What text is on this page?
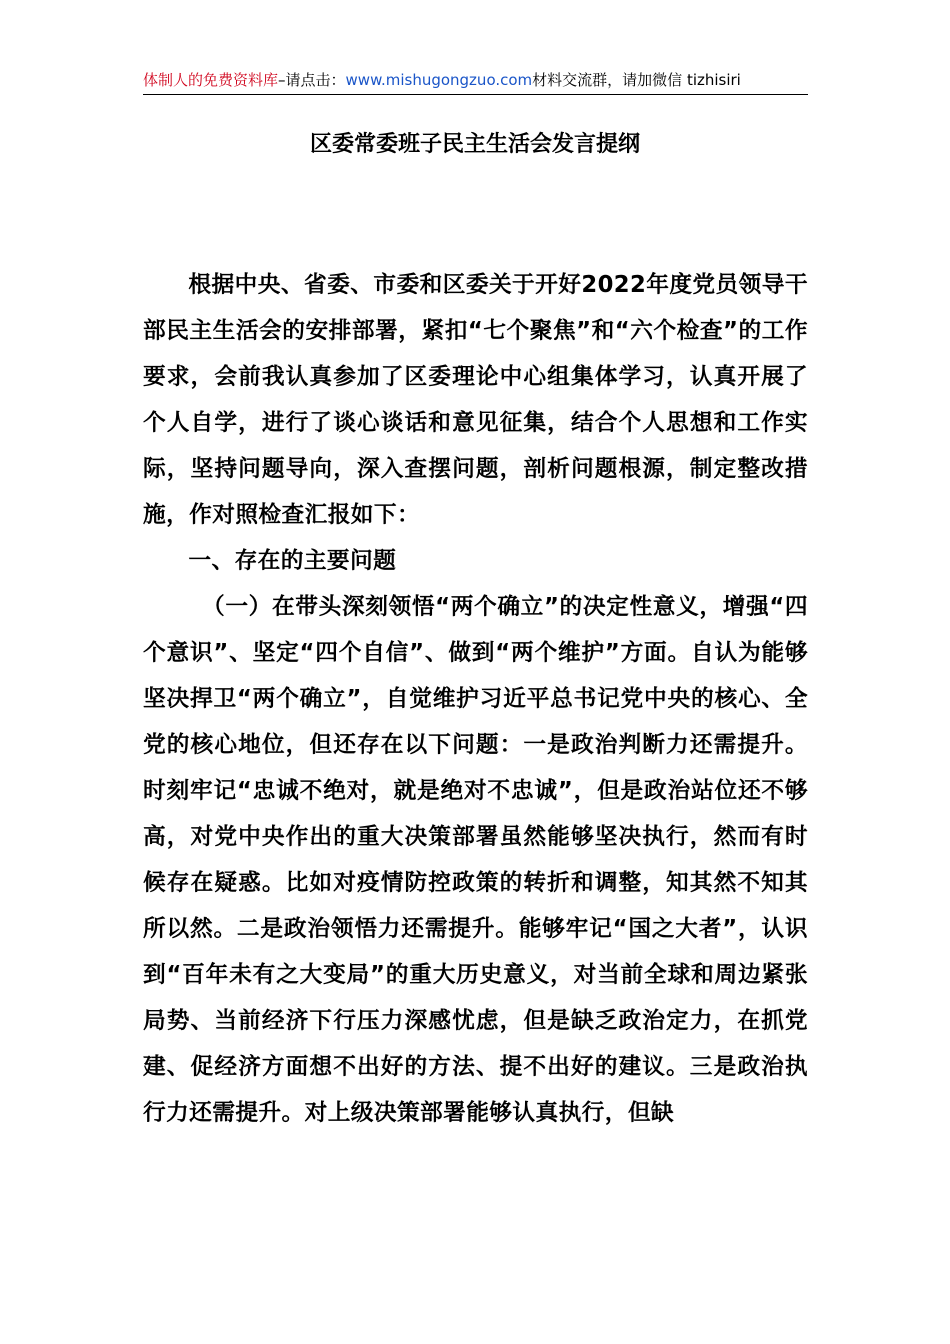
体制人的免费资料库–请点击：www.mishugongzuo.com材料交流群，请加微信 tizhisiri
区委常委班子民主生活会发言提纲

根据中央、省委、市委和区委关于开好2022年度党员领导干部民主生活会的安排部署，紧扣“七个聚焦”和“六个检查”的工作要求，会前我认真参加了区委理论中心组集体学习，认真开展了个人自学，进行了谈心谈话和意见征集，结合个人思想和工作实际，坚持问题导向，深入查摆问题，剖析问题根源，制定整改措施，作对照检查汇报如下：

一、存在的主要问题

（一）在带头深刻领悟“两个确立”的决定性意义，增强“四个意识”、坚定“四个自信”、做到“两个维护”方面。自认为能够坚决捍卫“两个确立”，自觉维护习近平总书记党中央的核心、全党的核心地位，但还存在以下问题：一是政治判断力还需提升。时刻牢记“忠诚不绝对，就是绝对不忠诚”，但是政治站位还不够高，对党中央作出的重大决策部署虽然能够坚决执行，然而有时候存在疑惑。比如对疫情防控政策的转折和调整，知其然不知其所以然。二是政治领悟力还需提升。能够牢记“国之大者”，认识到“百年未有之大变局”的重大历史意义，对当前全球和周边紧张局势、当前经济下行压力深感忧虑，但是缺乏政治定力，在抓党建、促经济方面想不出好的方法、提不出好的建议。三是政治执行力还需提升。对上级决策部署能够认真执行，但缺
